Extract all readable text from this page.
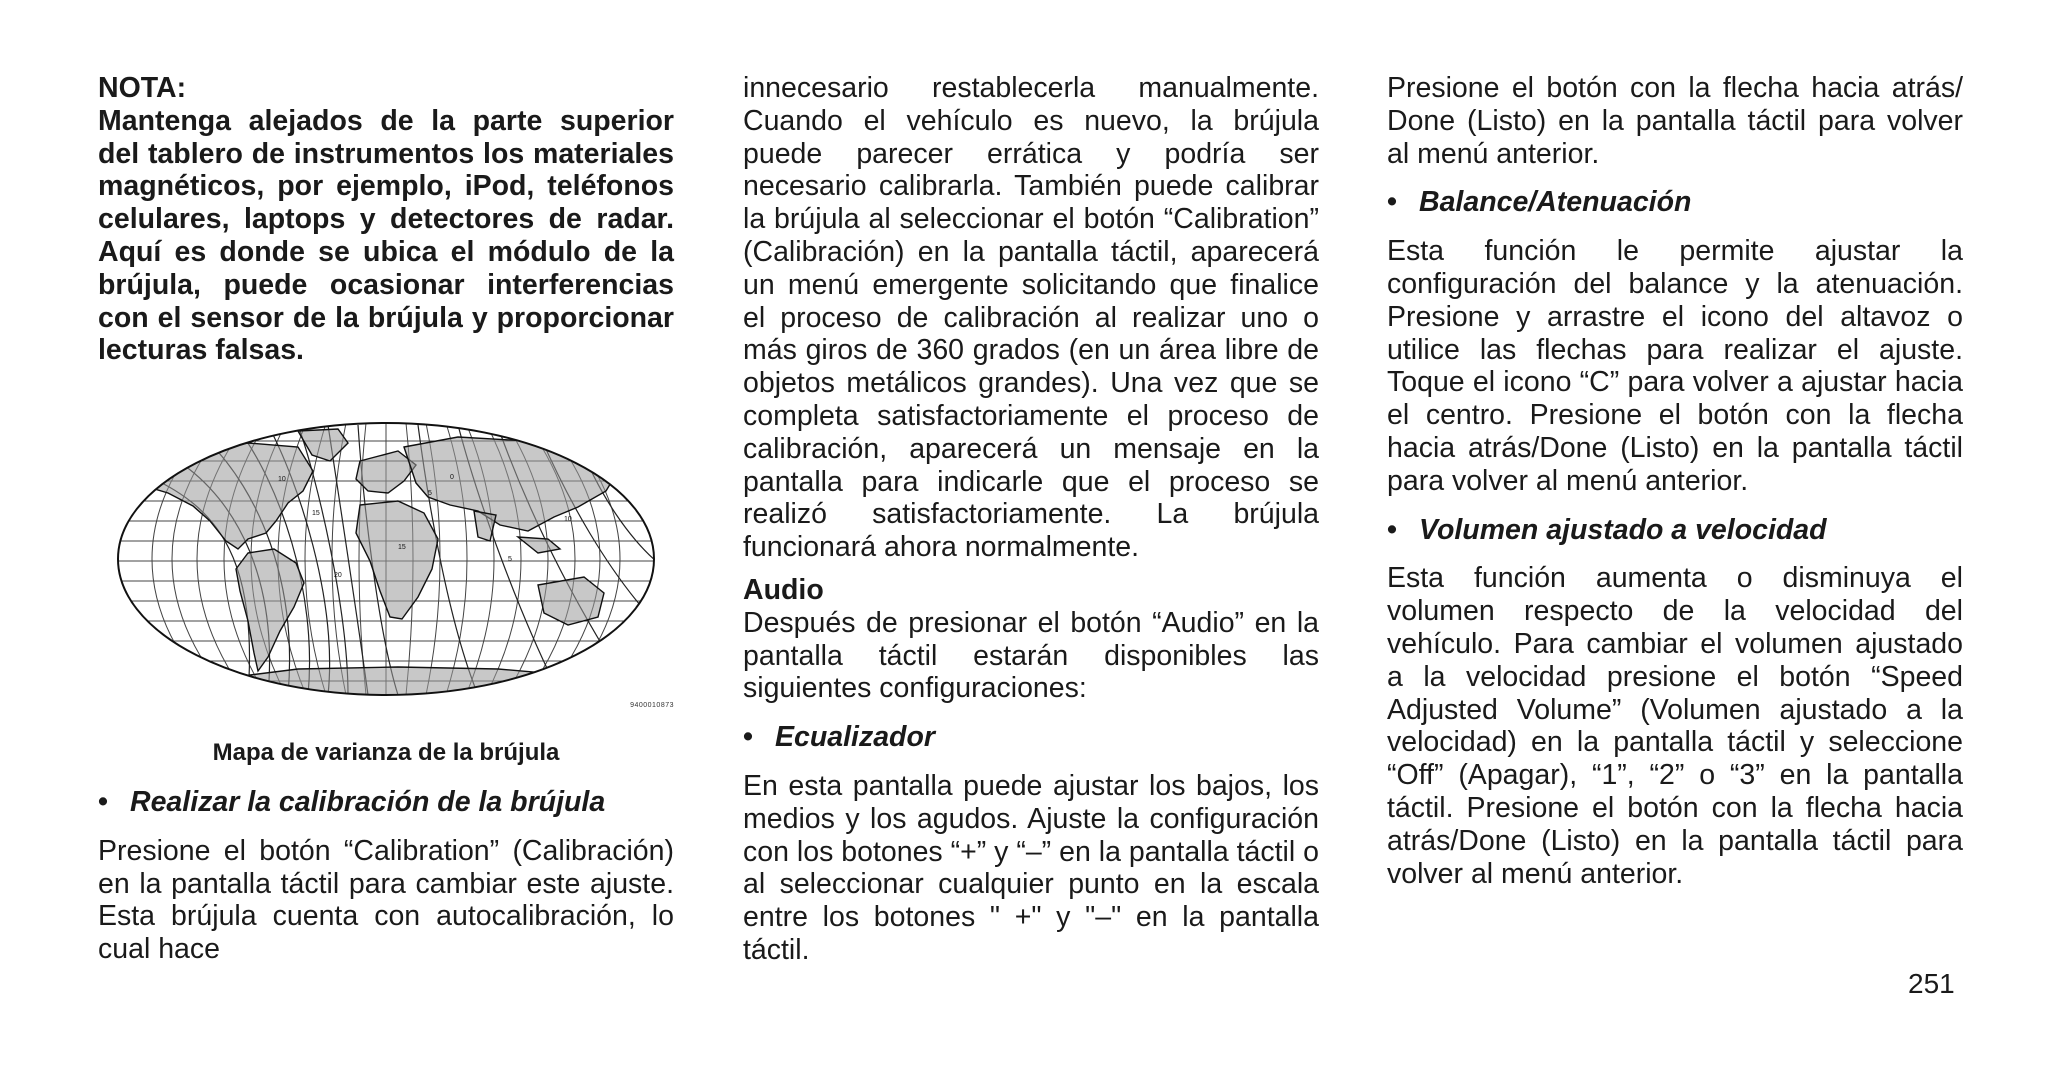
NOTA:

Mantenga alejados de la parte superior del tablero de instrumentos los materiales magnéticos, por ejemplo, iPod, teléfonos celulares, laptops y detectores de radar. Aquí es donde se ubica el módulo de la brújula, puede ocasionar interferencias con el sensor de la brújula y proporcionar lecturas falsas.

10
15
5
0
20
5
10
15
9400010873

Mapa de varianza de la brújula

• Realizar la calibración de la brújula

Presione el botón “Calibration” (Calibración) en la pantalla táctil para cambiar este ajuste. Esta brújula cuenta con autocalibración, lo cual hace

innecesario restablecerla manualmente. Cuando el vehículo es nuevo, la brújula puede parecer errática y podría ser necesario calibrarla. También puede calibrar la brújula al seleccionar el botón “Calibration” (Calibración) en la pantalla táctil, aparecerá un menú emergente solicitando que finalice el proceso de calibración al realizar uno o más giros de 360 grados (en un área libre de objetos metálicos grandes). Una vez que se completa satisfactoriamente el proceso de calibración, aparecerá un mensaje en la pantalla para indicarle que el proceso se realizó satisfactoriamente. La brújula funcionará ahora normalmente.

Audio

Después de presionar el botón “Audio” en la pantalla táctil estarán disponibles las siguientes configuraciones:

• Ecualizador

En esta pantalla puede ajustar los bajos, los medios y los agudos. Ajuste la configuración con los botones “+” y “–” en la pantalla táctil o al seleccionar cualquier punto en la escala entre los botones " +" y "–" en la pantalla táctil.

Presione el botón con la flecha hacia atrás/ Done (Listo) en la pantalla táctil para volver al menú anterior.

• Balance/Atenuación

Esta función le permite ajustar la configuración del balance y la atenuación. Presione y arrastre el icono del altavoz o utilice las flechas para realizar el ajuste. Toque el icono “C” para volver a ajustar hacia el centro. Presione el botón con la flecha hacia atrás/Done (Listo) en la pantalla táctil para volver al menú anterior.

• Volumen ajustado a velocidad

Esta función aumenta o disminuya el volumen respecto de la velocidad del vehículo. Para cambiar el volumen ajustado a la velocidad presione el botón “Speed Adjusted Volume” (Volumen ajustado a la velocidad) en la pantalla táctil y seleccione “Off” (Apagar), “1”, “2” o “3” en la pantalla táctil. Presione el botón con la flecha hacia atrás/Done (Listo) en la pantalla táctil para volver al menú anterior.

251
